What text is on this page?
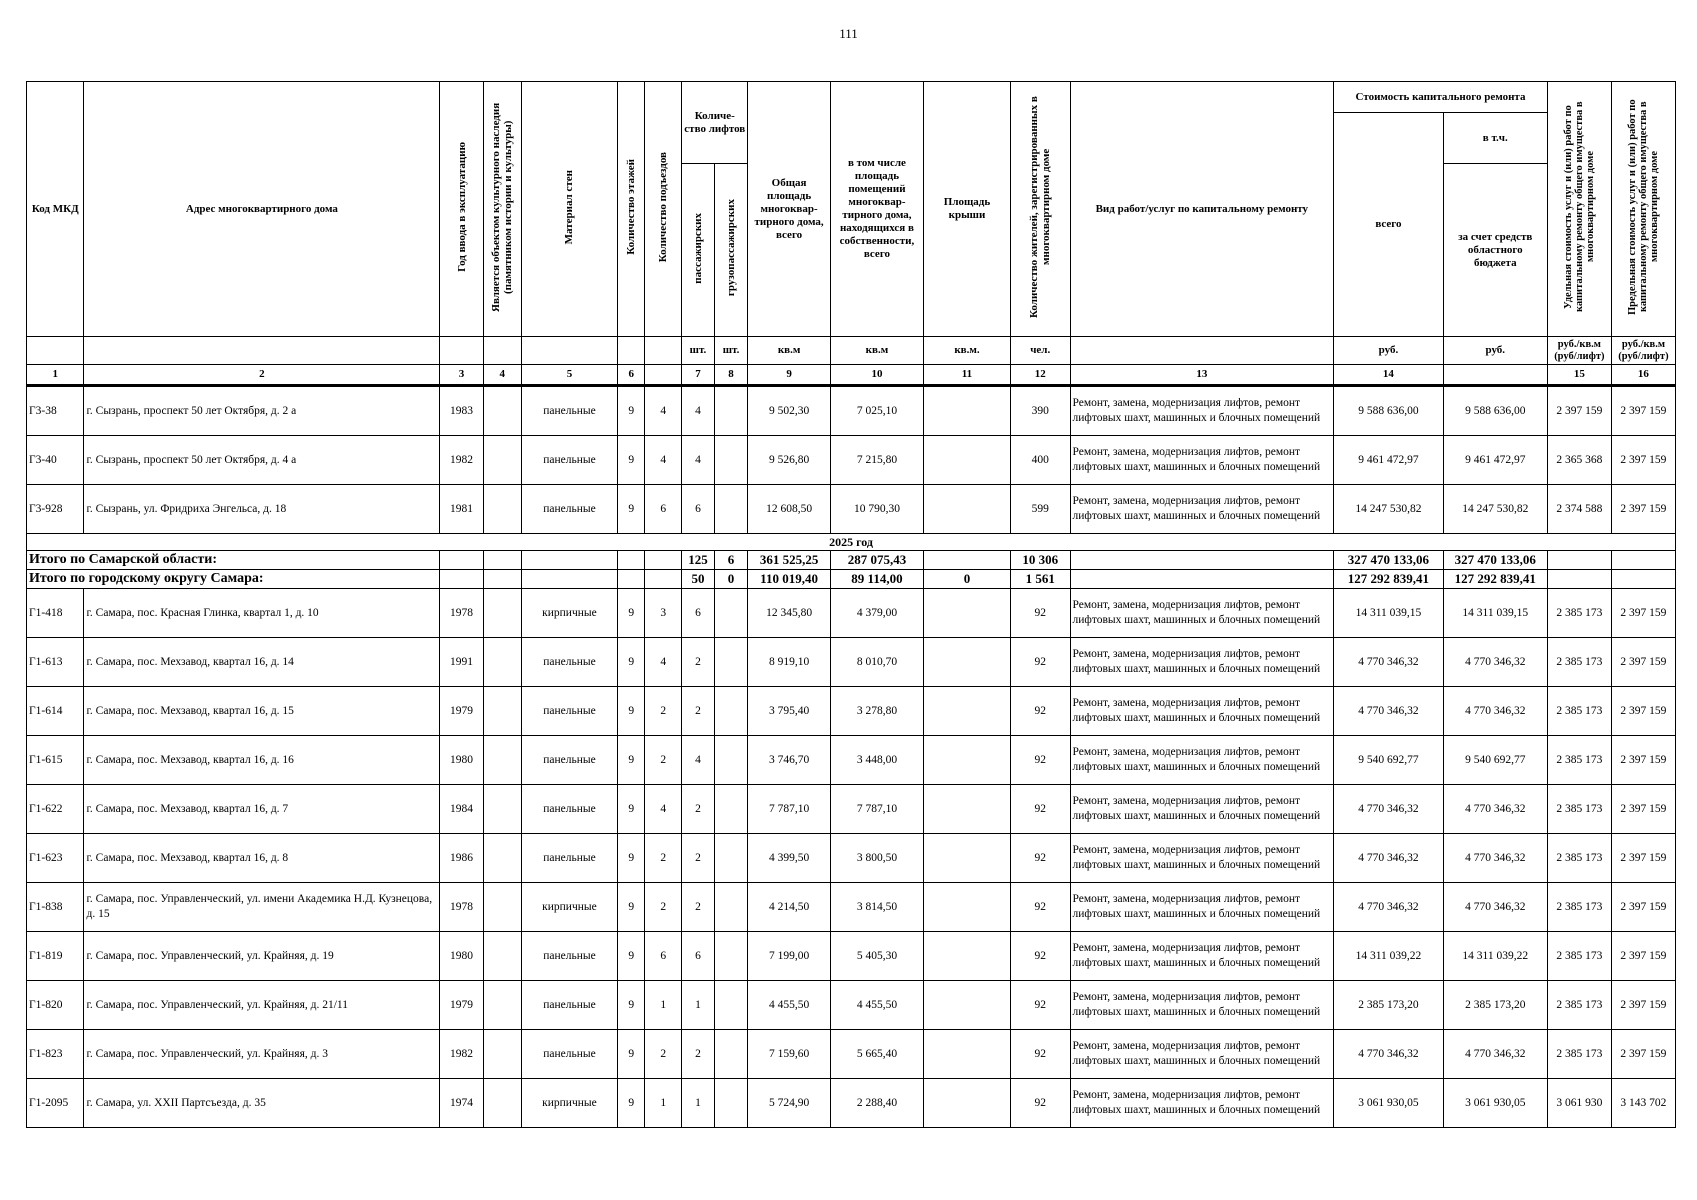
111
Код МКД	Адрес многоквартирного дома	Год ввода в эксплуатацию	Является объектом культурного наследия (памятником истории и культуры)	Материал стен	Количество этажей	Количество подъездов	Количе-ство лифтов		Общая площадь многоквар-тирного дома, всего	в том числе площадь помещений многоквар-тирного дома, находящихся в собственности, всего	Площадь крыши	Количество жителей, зарегистрированных в многоквартирном доме	Вид работ/услуг по капитальному ремонту	Стоимость капитального ремонта		Удельная стоимость услуг и (или) работ по капитальному ремонту общего имущества в многоквартирном доме	Предельная стоимость услуг и (или) работ по капитальному ремонту общего имущества в многоквартирном доме
														всего	в т.ч.		
							пассажирских	грузопассажирских							за счет средств областного бюджета		
							шт.	шт.	кв.м	кв.м	кв.м.	чел.		руб.	руб.	руб./кв.м (руб/лифт)	руб./кв.м (руб/лифт)
1	2	3	4	5	6		7	8	9	10	11	12	13	14		15	16
Г3-38	г. Сызрань, проспект 50 лет Октября, д. 2 а	1983		панельные	9	4	4		9 502,30	7 025,10		390	Ремонт, замена, модернизация лифтов, ремонт лифтовых шахт, машинных и блочных помещений	9 588 636,00	9 588 636,00	2 397 159	2 397 159
Г3-40	г. Сызрань, проспект 50 лет Октября, д. 4 а	1982		панельные	9	4	4		9 526,80	7 215,80		400	Ремонт, замена, модернизация лифтов, ремонт лифтовых шахт, машинных и блочных помещений	9 461 472,97	9 461 472,97	2 365 368	2 397 159
Г3-928	г. Сызрань, ул. Фридриха Энгельса, д. 18	1981		панельные	9	6	6		12 608,50	10 790,30		599	Ремонт, замена, модернизация лифтов, ремонт лифтовых шахт, машинных и блочных помещений	14 247 530,82	14 247 530,82	2 374 588	2 397 159
2025 год																	
Итого по Самарской области:							125	6	361 525,25	287 075,43		10 306		327 470 133,06	327 470 133,06		
Итого по городскому округу Самара:							50	0	110 019,40	89 114,00	0	1 561		127 292 839,41	127 292 839,41		
Г1-418	г. Самара, пос. Красная Глинка, квартал 1, д. 10	1978		кирпичные	9	3	6		12 345,80	4 379,00		92	Ремонт, замена, модернизация лифтов, ремонт лифтовых шахт, машинных и блочных помещений	14 311 039,15	14 311 039,15	2 385 173	2 397 159
Г1-613	г. Самара, пос. Мехзавод, квартал 16, д. 14	1991		панельные	9	4	2		8 919,10	8 010,70		92	Ремонт, замена, модернизация лифтов, ремонт лифтовых шахт, машинных и блочных помещений	4 770 346,32	4 770 346,32	2 385 173	2 397 159
Г1-614	г. Самара, пос. Мехзавод, квартал 16, д. 15	1979		панельные	9	2	2		3 795,40	3 278,80		92	Ремонт, замена, модернизация лифтов, ремонт лифтовых шахт, машинных и блочных помещений	4 770 346,32	4 770 346,32	2 385 173	2 397 159
Г1-615	г. Самара, пос. Мехзавод, квартал 16, д. 16	1980		панельные	9	2	4		3 746,70	3 448,00		92	Ремонт, замена, модернизация лифтов, ремонт лифтовых шахт, машинных и блочных помещений	9 540 692,77	9 540 692,77	2 385 173	2 397 159
Г1-622	г. Самара, пос. Мехзавод, квартал 16, д. 7	1984		панельные	9	4	2		7 787,10	7 787,10		92	Ремонт, замена, модернизация лифтов, ремонт лифтовых шахт, машинных и блочных помещений	4 770 346,32	4 770 346,32	2 385 173	2 397 159
Г1-623	г. Самара, пос. Мехзавод, квартал 16, д. 8	1986		панельные	9	2	2		4 399,50	3 800,50		92	Ремонт, замена, модернизация лифтов, ремонт лифтовых шахт, машинных и блочных помещений	4 770 346,32	4 770 346,32	2 385 173	2 397 159
Г1-838	г. Самара, пос. Управленческий, ул. имени Академика Н.Д. Кузнецова, д. 15	1978		кирпичные	9	2	2		4 214,50	3 814,50		92	Ремонт, замена, модернизация лифтов, ремонт лифтовых шахт, машинных и блочных помещений	4 770 346,32	4 770 346,32	2 385 173	2 397 159
Г1-819	г. Самара, пос. Управленческий, ул. Крайняя, д. 19	1980		панельные	9	6	6		7 199,00	5 405,30		92	Ремонт, замена, модернизация лифтов, ремонт лифтовых шахт, машинных и блочных помещений	14 311 039,22	14 311 039,22	2 385 173	2 397 159
Г1-820	г. Самара, пос. Управленческий, ул. Крайняя, д. 21/11	1979		панельные	9	1	1		4 455,50	4 455,50		92	Ремонт, замена, модернизация лифтов, ремонт лифтовых шахт, машинных и блочных помещений	2 385 173,20	2 385 173,20	2 385 173	2 397 159
Г1-823	г. Самара, пос. Управленческий, ул. Крайняя, д. 3	1982		панельные	9	2	2		7 159,60	5 665,40		92	Ремонт, замена, модернизация лифтов, ремонт лифтовых шахт, машинных и блочных помещений	4 770 346,32	4 770 346,32	2 385 173	2 397 159
Г1-2095	г. Самара, ул. XXII Партсъезда, д. 35	1974		кирпичные	9	1	1		5 724,90	2 288,40		92	Ремонт, замена, модернизация лифтов, ремонт лифтовых шахт, машинных и блочных помещений	3 061 930,05	3 061 930,05	3 061 930	3 143 702
